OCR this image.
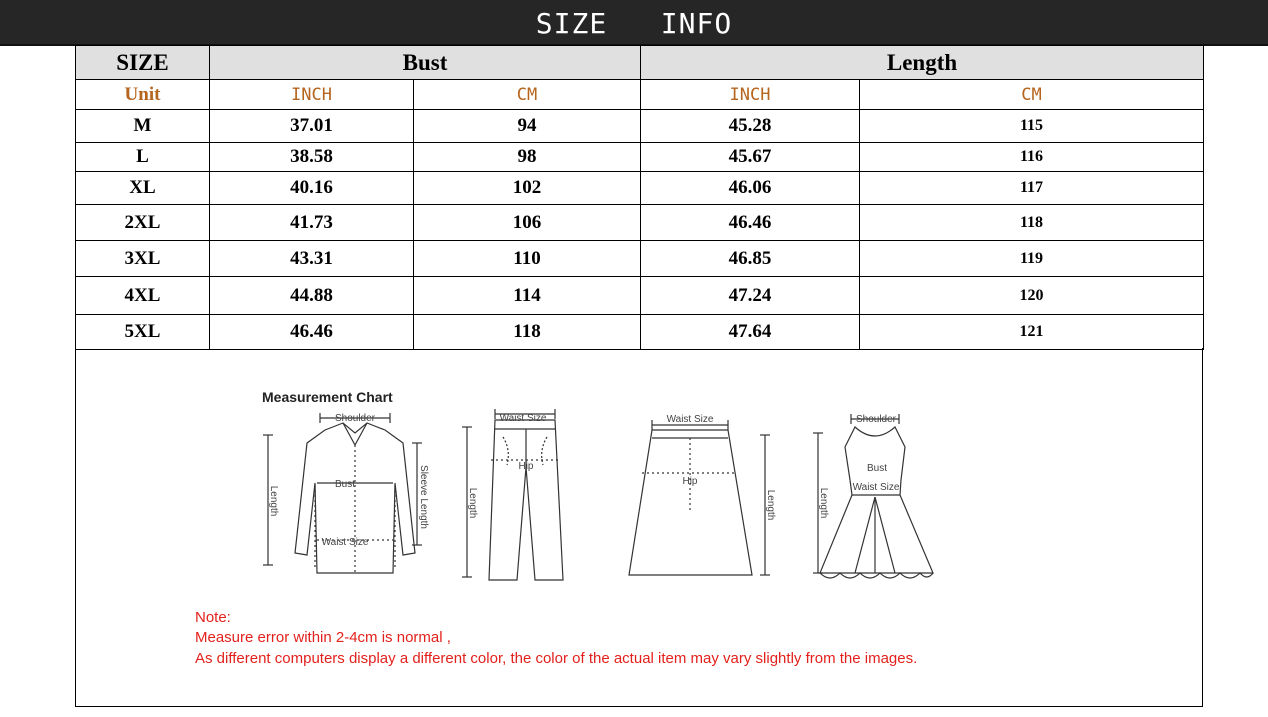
SIZE   INFO
SIZE	Bust		Length	
Unit	INCH	CM	INCH	CM
M	37.01	94	45.28	115
L	38.58	98	45.67	116
XL	40.16	102	46.06	117
2XL	41.73	106	46.46	118
3XL	43.31	110	46.85	119
4XL	44.88	114	47.24	120
5XL	46.46	118	47.64	121
Measurement Chart
Shoulder
Bust
Waist Size
Length	Sleeve Length
Waist Size
Hip
Length
Waist Size
Hip
Length
Shoulder
Bust
Waist Size
Length
Note:
Measure error within 2-4cm is normal ,
As different computers display a different color, the color of the actual item may vary slightly from the images.
